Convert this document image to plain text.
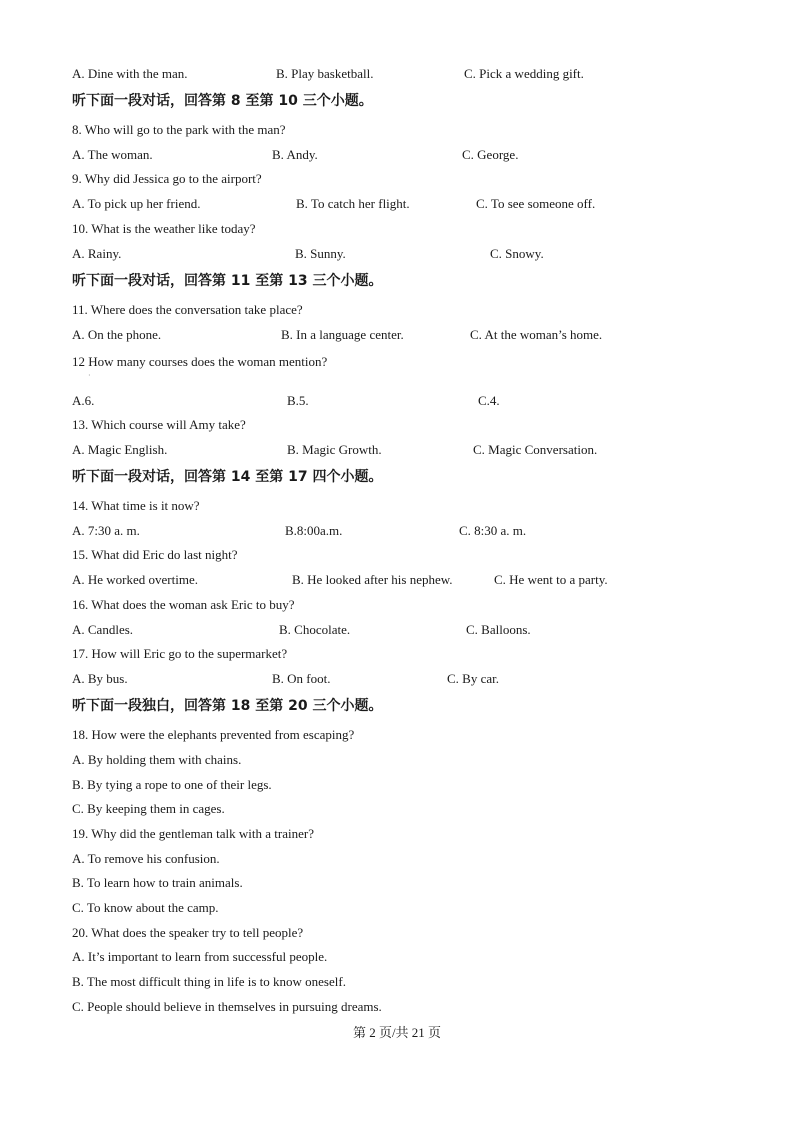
A. Dine with the man.	B. Play basketball.	C. Pick a wedding gift.
听下面一段对话，回答第 8 至第 10 三个小题。
8. Who will go to the park with the man?
A. The woman.	B. Andy.	C. George.
9. Why did Jessica go to the airport?
A. To pick up her friend.	B. To catch her flight.	C. To see someone off.
10. What is the weather like today?
A. Rainy.	B. Sunny.	C. Snowy.
听下面一段对话，回答第 11 至第 13 三个小题。
11. Where does the conversation take place?
A. On the phone.	B. In a language center.	C. At the woman’s home.
12 How many courses does the woman mention?
·
A.6.	B.5.	C.4.
13. Which course will Amy take?
A. Magic English.	B. Magic Growth.	C. Magic Conversation.
听下面一段对话，回答第 14 至第 17 四个小题。
14. What time is it now?
A. 7:30 a. m.	B.8:00a.m.	C. 8:30 a. m.
15. What did Eric do last night?
A. He worked overtime.	B. He looked after his nephew.	C. He went to a party.
16. What does the woman ask Eric to buy?
A. Candles.	B. Chocolate.	C. Balloons.
17. How will Eric go to the supermarket?
A. By bus.	B. On foot.	C. By car.
听下面一段独白，回答第 18 至第 20 三个小题。
18. How were the elephants prevented from escaping?
A. By holding them with chains.
B. By tying a rope to one of their legs.
C. By keeping them in cages.
19. Why did the gentleman talk with a trainer?
A. To remove his confusion.
B. To learn how to train animals.
C. To know about the camp.
20. What does the speaker try to tell people?
A. It’s important to learn from successful people.
B. The most difficult thing in life is to know oneself.
C. People should believe in themselves in pursuing dreams.
第 2 页/共 21 页
